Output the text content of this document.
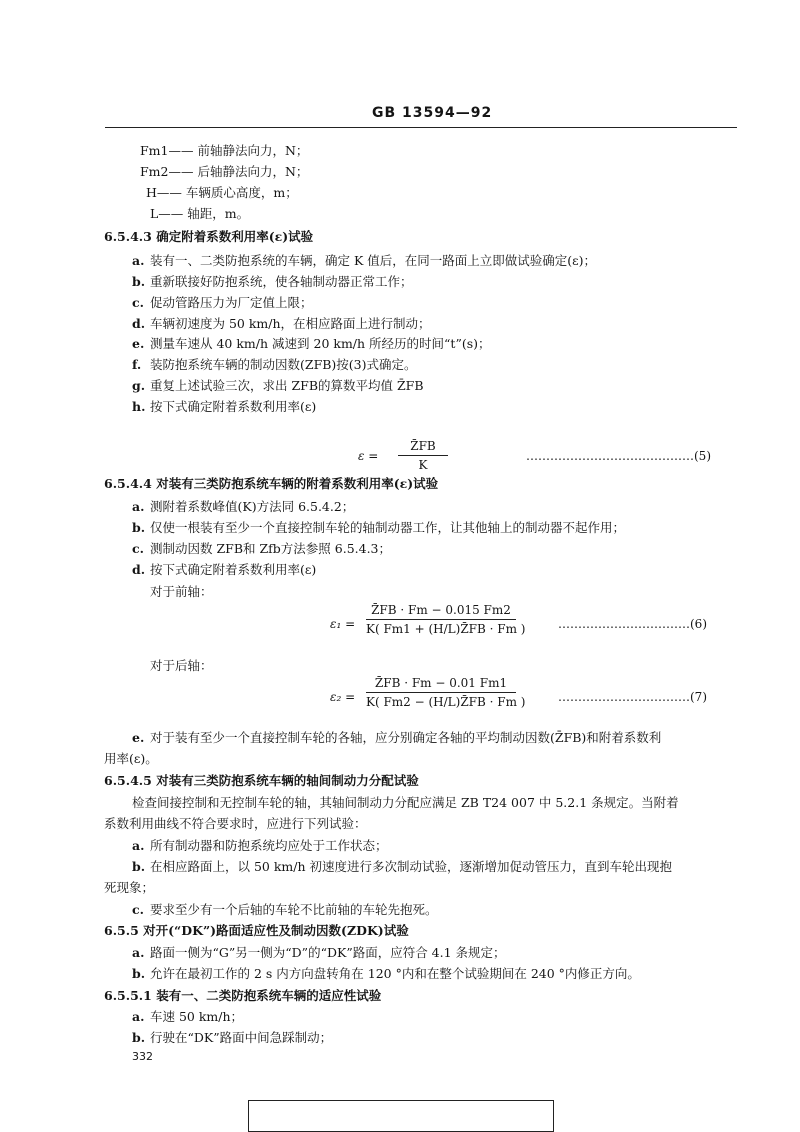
GB 13594—92
Fm1—— 前轴静法向力，N；
Fm2—— 后轴静法向力，N；
H—— 车辆质心高度，m；
L—— 轴距，m。
6.5.4.3 确定附着系数利用率(ε)试验
a. 装有一、二类防抱系统的车辆，确定 K 值后，在同一路面上立即做试验确定(ε)；
b. 重新联接好防抱系统，使各轴制动器正常工作；
c. 促动管路压力为厂定值上限；
d. 车辆初速度为 50 km/h，在相应路面上进行制动；
e. 测量车速从 40 km/h 减速到 20 km/h 所经历的时间“t”(s)；
f. 装防抱系统车辆的制动因数(ZFB)按(3)式确定。
g. 重复上述试验三次，求出 ZFB的算数平均值 Z̄FB
h. 按下式确定附着系数利用率(ε)
ε =
Z̄FB
K
……………………………………(5)
6.5.4.4 对装有三类防抱系统车辆的附着系数利用率(ε)试验
a. 测附着系数峰值(K)方法同 6.5.4.2；
b. 仅使一根装有至少一个直接控制车轮的轴制动器工作，让其他轴上的制动器不起作用；
c. 测制动因数 ZFB和 Zfb方法参照 6.5.4.3；
d. 按下式确定附着系数利用率(ε)
对于前轴：
ε₁ =
Z̄FB · Fm − 0.015 Fm2
K( Fm1 + (H/L)Z̄FB · Fm )	……………………………(6)
对于后轴：
ε₂ =
Z̄FB · Fm − 0.01 Fm1
K( Fm2 − (H/L)Z̄FB · Fm )	……………………………(7)
e. 对于装有至少一个直接控制车轮的各轴，应分别确定各轴的平均制动因数(Z̄FB)和附着系数利
用率(ε)。
6.5.4.5 对装有三类防抱系统车辆的轴间制动力分配试验
检查间接控制和无控制车轮的轴，其轴间制动力分配应满足 ZB T24 007 中 5.2.1 条规定。当附着
系数利用曲线不符合要求时，应进行下列试验：
a. 所有制动器和防抱系统均应处于工作状态；
b. 在相应路面上，以 50 km/h 初速度进行多次制动试验，逐渐增加促动管压力，直到车轮出现抱
死现象；
c. 要求至少有一个后轴的车轮不比前轴的车轮先抱死。
6.5.5 对开(“DK”)路面适应性及制动因数(ZDK)试验
a. 路面一侧为“G”另一侧为“D”的“DK”路面，应符合 4.1 条规定；
b. 允许在最初工作的 2 s 内方向盘转角在 120 °内和在整个试验期间在 240 °内修正方向。
6.5.5.1 装有一、二类防抱系统车辆的适应性试验
a. 车速 50 km/h；
b. 行驶在“DK”路面中间急踩制动；
332
